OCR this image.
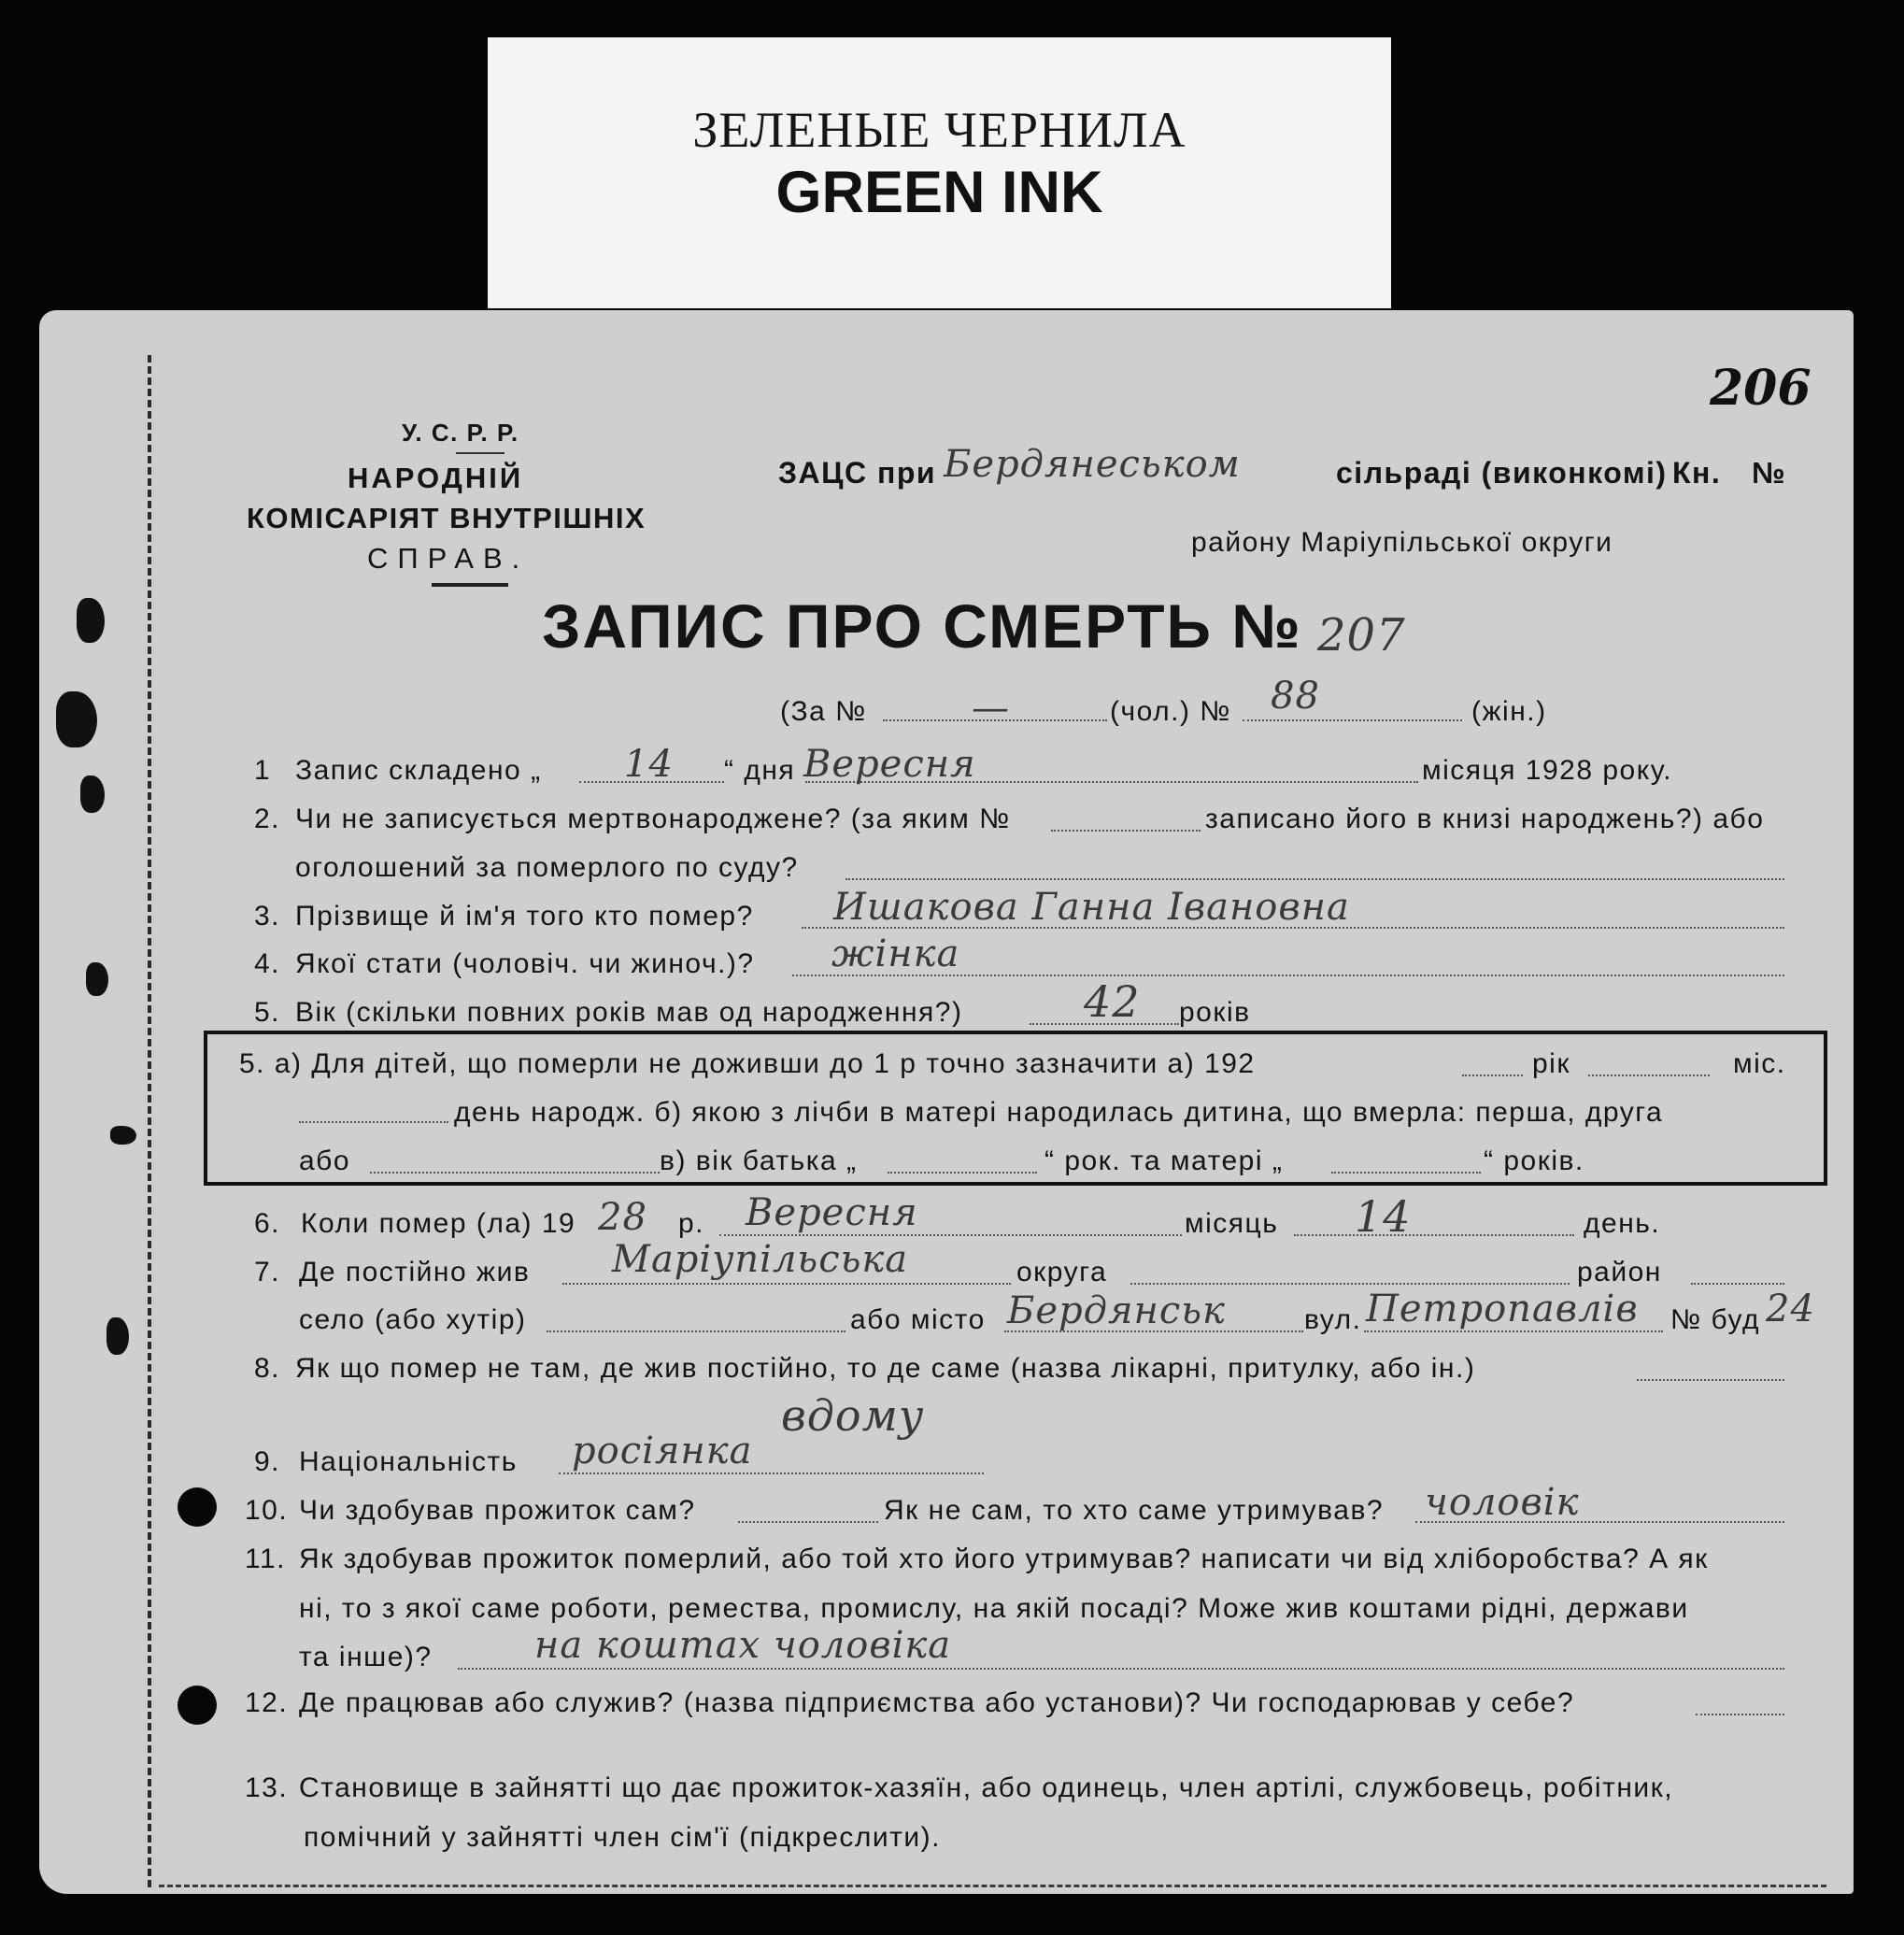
ЗЕЛЕНЫЕ ЧЕРНИЛА
GREEN INK
206
У. С. Р. Р.
НАРОДНІЙ
КОМІСАРІЯТ ВНУТРІШНІХ
СПРАВ.
ЗАЦС при Бердянеськом	сільраді (виконкомі) Кн. №
району Маріупільської округи
ЗАПИС ПРО СМЕРТЬ № 207
(За №	—	(чол.) № 88	(жін.)
1 Запис складено „ 14 “ дня Вересня	місяця 1928 року.
2. Чи не записується мертвонароджене? (за яким №	записано його в книзі народжень?) або
оголошений за померлого по суду?
3. Прізвище й ім'я того кто помер? Ишакова Ганна Івановна
4. Якої стати (чоловіч. чи жиноч.)? жінка
5. Вік (скільки повних років мав од народження?)	42 років
5. а) Для дітей, що померли не доживши до 1 р точно зазначити а) 192	рік	міс.
день народж. б) якою з лічби в матері народилась дитина, що вмерла: перша, друга
або	в) вік батька „	“ рок. та матері „	“ років.
6. Коли помер (ла) 19 28 р. Вересня	місяць 14	день.
7. Де постійно жив Маріупільська	округа	район
село (або хутір)	або місто Бердянськ	вул. Петропавлів № буд 24
8. Як що помер не там, де жив постійно, то де саме (назва лікарні, притулку, або ін.)
вдому
9. Національність росіянка
10. Чи здобував прожиток сам?	Як не сам, то хто саме утримував? чоловік
11. Як здобував прожиток померлий, або той хто його утримував? написати чи від хліборобства? А як
ні, то з якої саме роботи, ремества, промислу, на якій посаді? Може жив коштами рідні, держави
та інше)?	на коштах чоловіка
12. Де працював або служив? (назва підприємства або установи)? Чи господарював у себе?
13. Становище в зайнятті що дає прожиток-хазяїн, або одинець, член артілі, службовець, робітник,
помічний у зайнятті член сім'ї (підкреслити).
